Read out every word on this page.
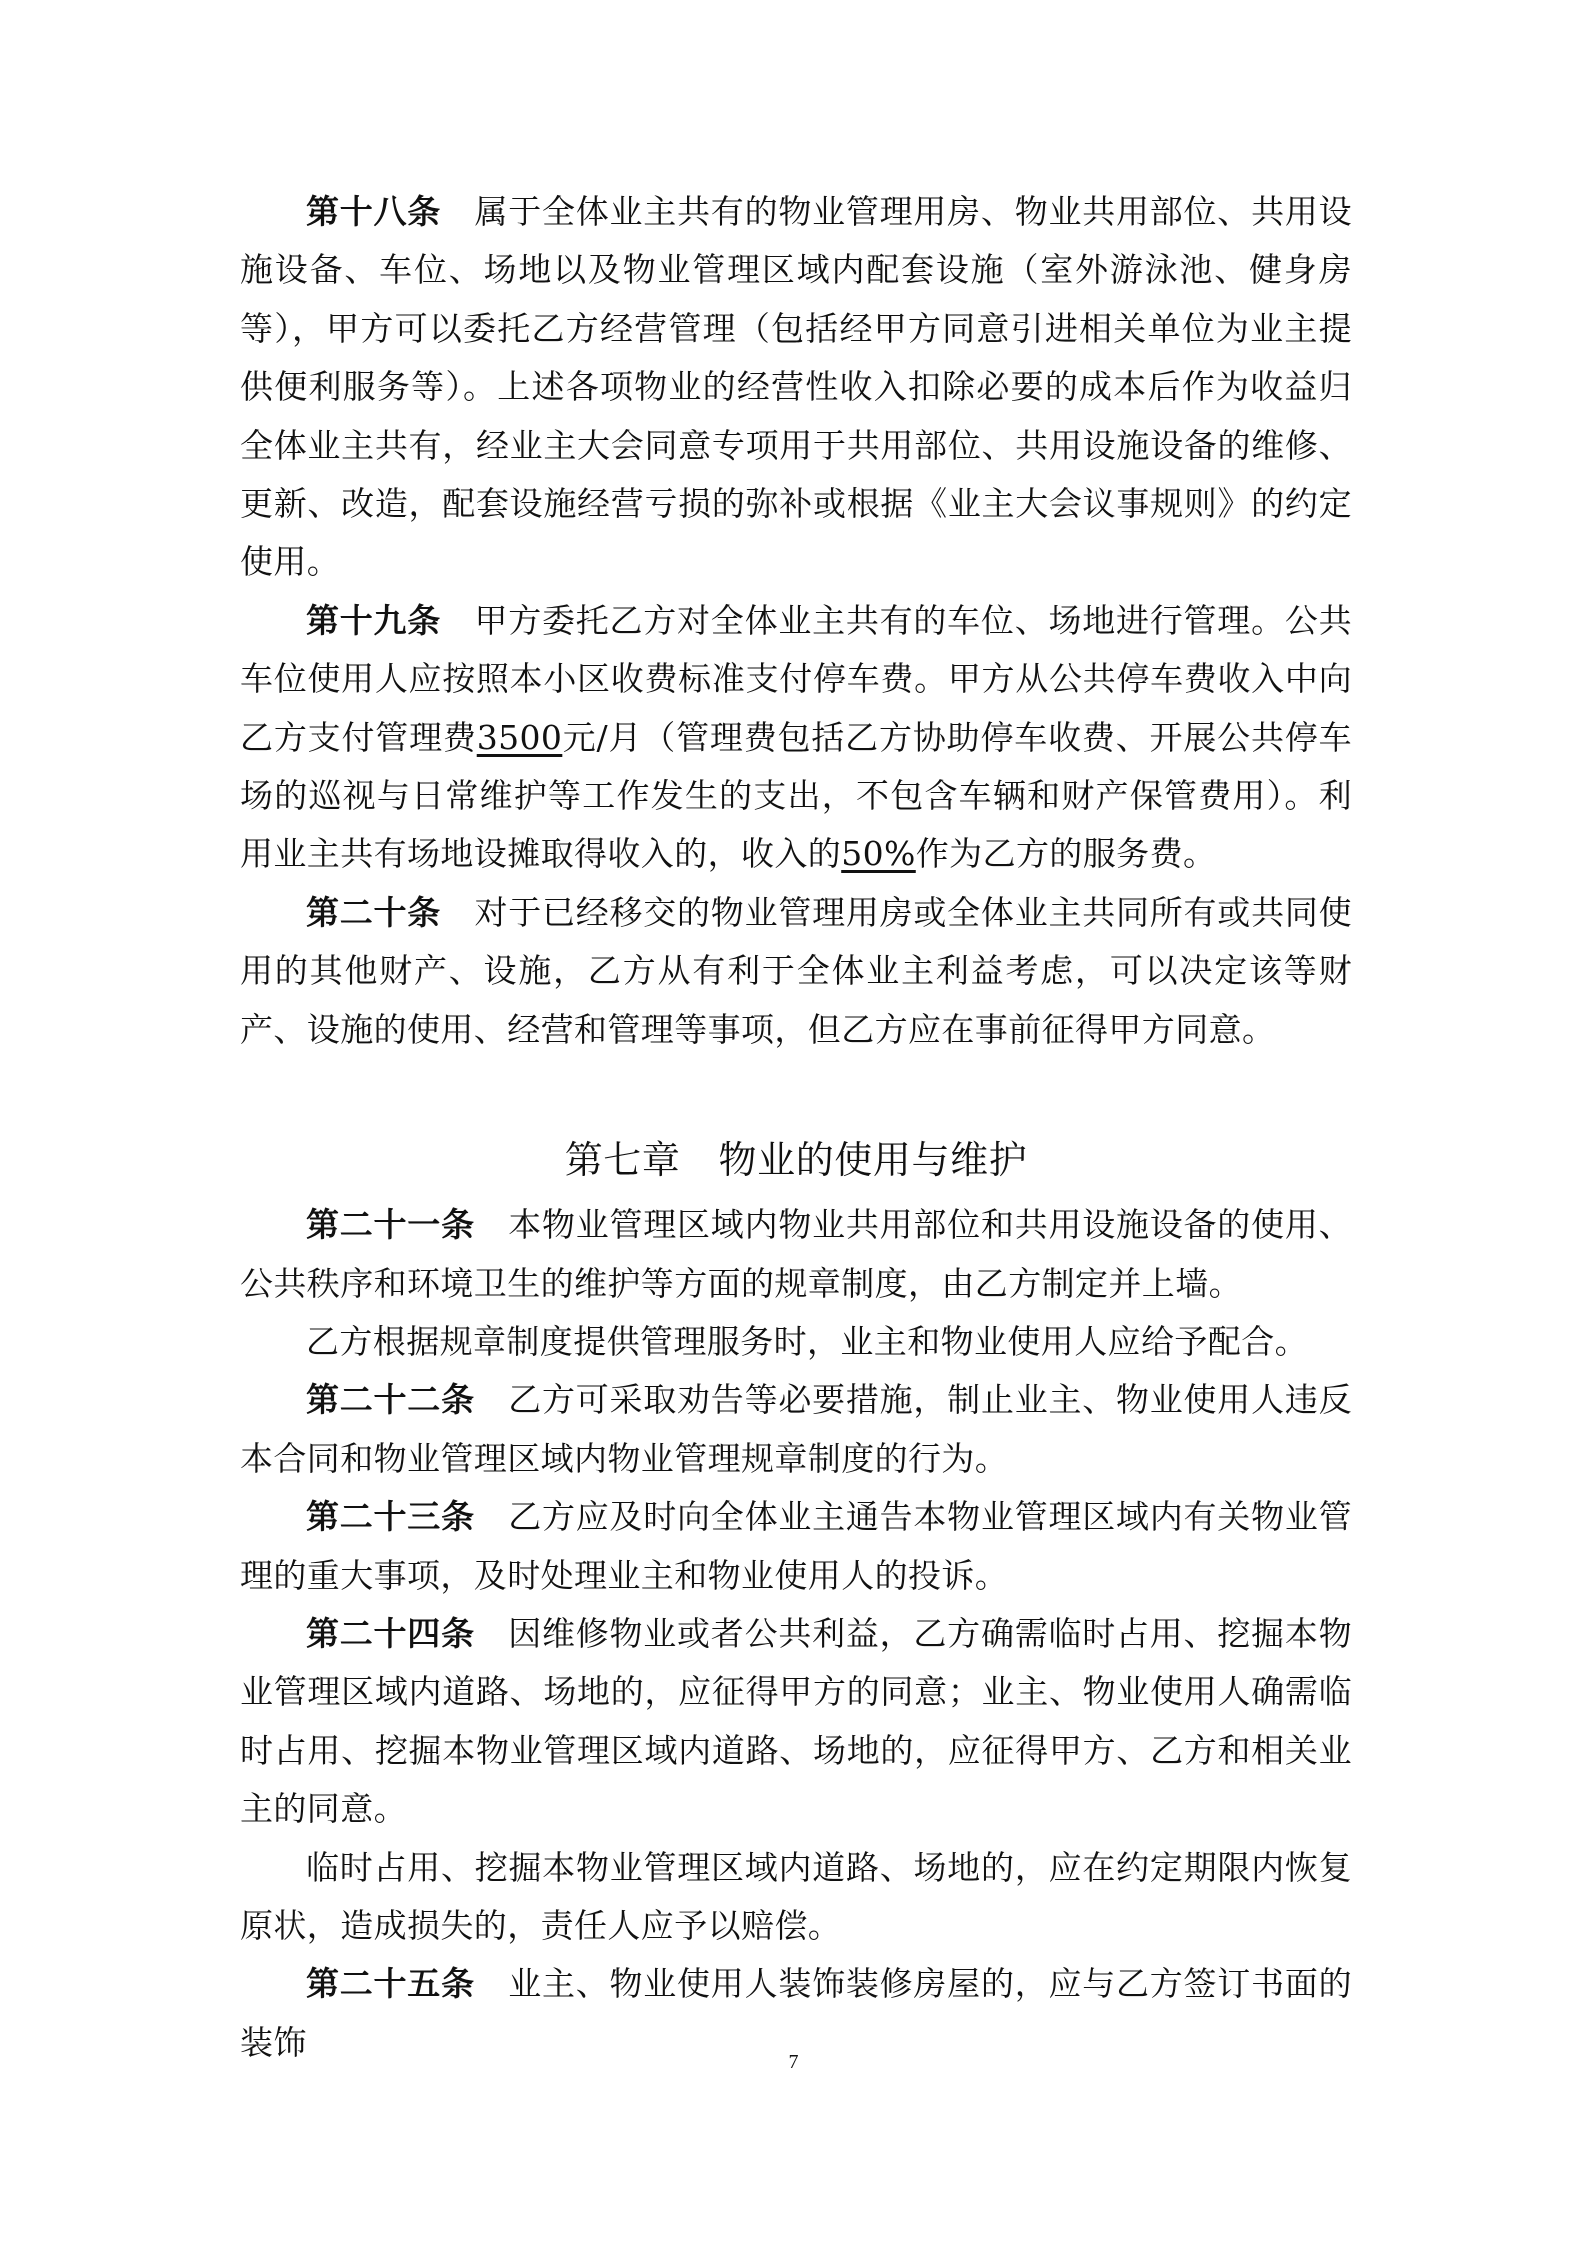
第十八条 属于全体业主共有的物业管理用房、物业共用部位、共用设施设备、车位、场地以及物业管理区域内配套设施（室外游泳池、健身房等），甲方可以委托乙方经营管理（包括经甲方同意引进相关单位为业主提供便利服务等）。上述各项物业的经营性收入扣除必要的成本后作为收益归全体业主共有，经业主大会同意专项用于共用部位、共用设施设备的维修、更新、改造，配套设施经营亏损的弥补或根据《业主大会议事规则》的约定使用。

第十九条 甲方委托乙方对全体业主共有的车位、场地进行管理。公共车位使用人应按照本小区收费标准支付停车费。甲方从公共停车费收入中向乙方支付管理费3500元/月（管理费包括乙方协助停车收费、开展公共停车场的巡视与日常维护等工作发生的支出，不包含车辆和财产保管费用）。利用业主共有场地设摊取得收入的，收入的50%作为乙方的服务费。

第二十条 对于已经移交的物业管理用房或全体业主共同所有或共同使用的其他财产、设施，乙方从有利于全体业主利益考虑，可以决定该等财产、设施的使用、经营和管理等事项，但乙方应在事前征得甲方同意。

第七章 物业的使用与维护

第二十一条 本物业管理区域内物业共用部位和共用设施设备的使用、公共秩序和环境卫生的维护等方面的规章制度，由乙方制定并上墙。

乙方根据规章制度提供管理服务时，业主和物业使用人应给予配合。

第二十二条 乙方可采取劝告等必要措施，制止业主、物业使用人违反本合同和物业管理区域内物业管理规章制度的行为。

第二十三条 乙方应及时向全体业主通告本物业管理区域内有关物业管理的重大事项，及时处理业主和物业使用人的投诉。

第二十四条 因维修物业或者公共利益，乙方确需临时占用、挖掘本物业管理区域内道路、场地的，应征得甲方的同意；业主、物业使用人确需临时占用、挖掘本物业管理区域内道路、场地的，应征得甲方、乙方和相关业主的同意。

临时占用、挖掘本物业管理区域内道路、场地的，应在约定期限内恢复原状，造成损失的，责任人应予以赔偿。

第二十五条 业主、物业使用人装饰装修房屋的，应与乙方签订书面的装饰

7
